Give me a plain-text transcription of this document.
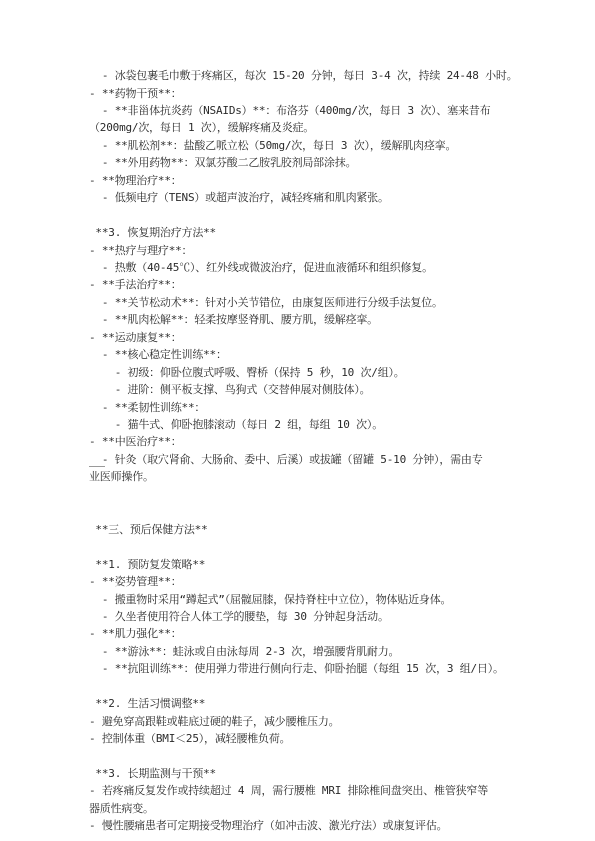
- 冰袋包裹毛巾敷于疼痛区，每次 15-20 分钟，每日 3-4 次，持续 24-48 小时。
- **药物干预**：
- **非甾体抗炎药（NSAIDs）**：布洛芬（400mg/次，每日 3 次）、塞来昔布
（200mg/次，每日 1 次），缓解疼痛及炎症。
- **肌松剂**：盐酸乙哌立松（50mg/次，每日 3 次），缓解肌肉痉挛。
- **外用药物**：双氯芬酸二乙胺乳胶剂局部涂抹。
- **物理治疗**：
- 低频电疗（TENS）或超声波治疗，减轻疼痛和肌肉紧张。
**3. 恢复期治疗方法**
- **热疗与理疗**：
- 热敷（40-45℃）、红外线或微波治疗，促进血液循环和组织修复。
- **手法治疗**：
- **关节松动术**：针对小关节错位，由康复医师进行分级手法复位。
- **肌肉松解**：轻柔按摩竖脊肌、腰方肌，缓解痉挛。
- **运动康复**：
- **核心稳定性训练**：
- 初级：仰卧位腹式呼吸、臀桥（保持 5 秒，10 次/组）。
- 进阶：侧平板支撑、鸟狗式（交替伸展对侧肢体）。
- **柔韧性训练**：
- 猫牛式、仰卧抱膝滚动（每日 2 组，每组 10 次）。
- **中医治疗**：
- 针灸（取穴肾俞、大肠俞、委中、后溪）或拔罐（留罐 5-10 分钟），需由专
业医师操作。
**三、预后保健方法**
**1. 预防复发策略**
- **姿势管理**：
- 搬重物时采用“蹲起式”（屈髋屈膝，保持脊柱中立位），物体贴近身体。
- 久坐者使用符合人体工学的腰垫，每 30 分钟起身活动。
- **肌力强化**：
- **游泳**：蛙泳或自由泳每周 2-3 次，增强腰背肌耐力。
- **抗阻训练**：使用弹力带进行侧向行走、仰卧抬腿（每组 15 次，3 组/日）。
**2. 生活习惯调整**
- 避免穿高跟鞋或鞋底过硬的鞋子，减少腰椎压力。
- 控制体重（BMI＜25），减轻腰椎负荷。
**3. 长期监测与干预**
- 若疼痛反复发作或持续超过 4 周，需行腰椎 MRI 排除椎间盘突出、椎管狭窄等
器质性病变。
- 慢性腰痛患者可定期接受物理治疗（如冲击波、激光疗法）或康复评估。
